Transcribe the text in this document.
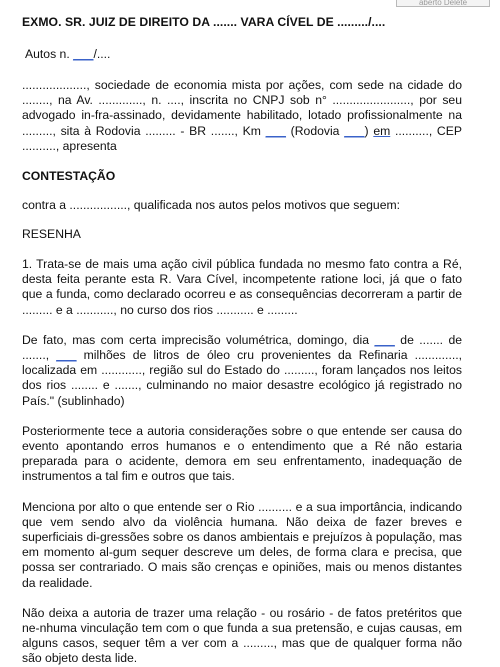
aberto Delete
EXMO. SR. JUIZ DE DIREITO DA ....... VARA CÍVEL DE ........./....
Autos n. ___/....

..................., sociedade de economia mista por ações, com sede na cidade do ........, na Av. ............., n. ...., inscrita no CNPJ sob n° ......................., por seu advogado in-fra-assinado, devidamente habilitado, lotado profissionalmente na ........., sita à Rodovia ......... - BR ......., Km ___ (Rodovia ___) em .........., CEP .........., apresenta

CONTESTAÇÃO
contra a ................., qualificada nos autos pelos motivos que seguem:
RESENHA

1. Trata-se de mais uma ação civil pública fundada no mesmo fato contra a Ré, desta feita perante esta R. Vara Cível, incompetente ratione loci, já que o fato que a funda, como declarado ocorreu e as consequências decorreram a partir de ......... e a ..........., no curso dos rios ........... e .........

De fato, mas com certa imprecisão volumétrica, domingo, dia ___ de ....... de ......., ___ milhões de litros de óleo cru provenientes da Refinaria ............., localizada em ............, região sul do Estado do ........., foram lançados nos leitos dos rios ........ e ......., culminando no maior desastre ecológico já registrado no País." (sublinhado)

Posteriormente tece a autoria considerações sobre o que entende ser causa do evento apontando erros humanos e o entendimento que a Ré não estaria preparada para o acidente, demora em seu enfrentamento, inadequação de instrumentos a tal fim e outros que tais.

Menciona por alto o que entende ser o Rio .......... e a sua importância, indicando que vem sendo alvo da violência humana. Não deixa de fazer breves e superficiais di-gressões sobre os danos ambientais e prejuízos à população, mas em momento al-gum sequer descreve um deles, de forma clara e precisa, que possa ser contrariado. O mais são crenças e opiniões, mais ou menos distantes da realidade.

Não deixa a autoria de trazer uma relação - ou rosário - de fatos pretéritos que ne-nhuma vinculação tem com o que funda a sua pretensão, e cujas causas, em alguns casos, sequer têm a ver com a ........., mas que de qualquer forma não são objeto desta lide.
